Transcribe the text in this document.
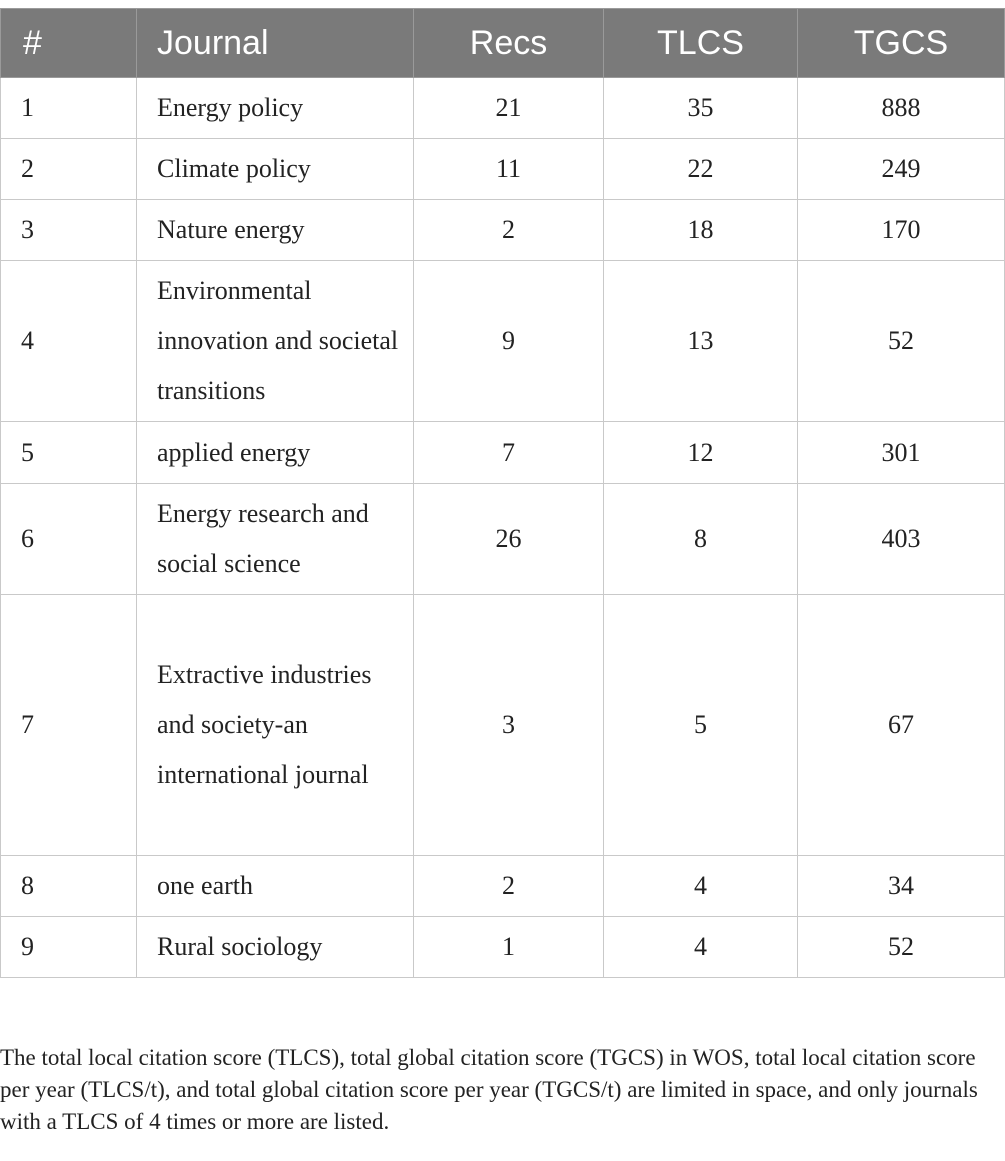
#	Journal	Recs	TLCS	TGCS
1	Energy policy	21	35	888
2	Climate policy	11	22	249
3	Nature energy	2	18	170
4	Environmental innovation and societal transitions	9	13	52
5	applied energy	7	12	301
6	Energy research and social science	26	8	403
7	Extractive industries and society-an international journal	3	5	67
8	one earth	2	4	34
9	Rural sociology	1	4	52

The total local citation score (TLCS), total global citation score (TGCS) in WOS, total local citation score per year (TLCS/t), and total global citation score per year (TGCS/t) are limited in space, and only journals with a TLCS of 4 times or more are listed.
